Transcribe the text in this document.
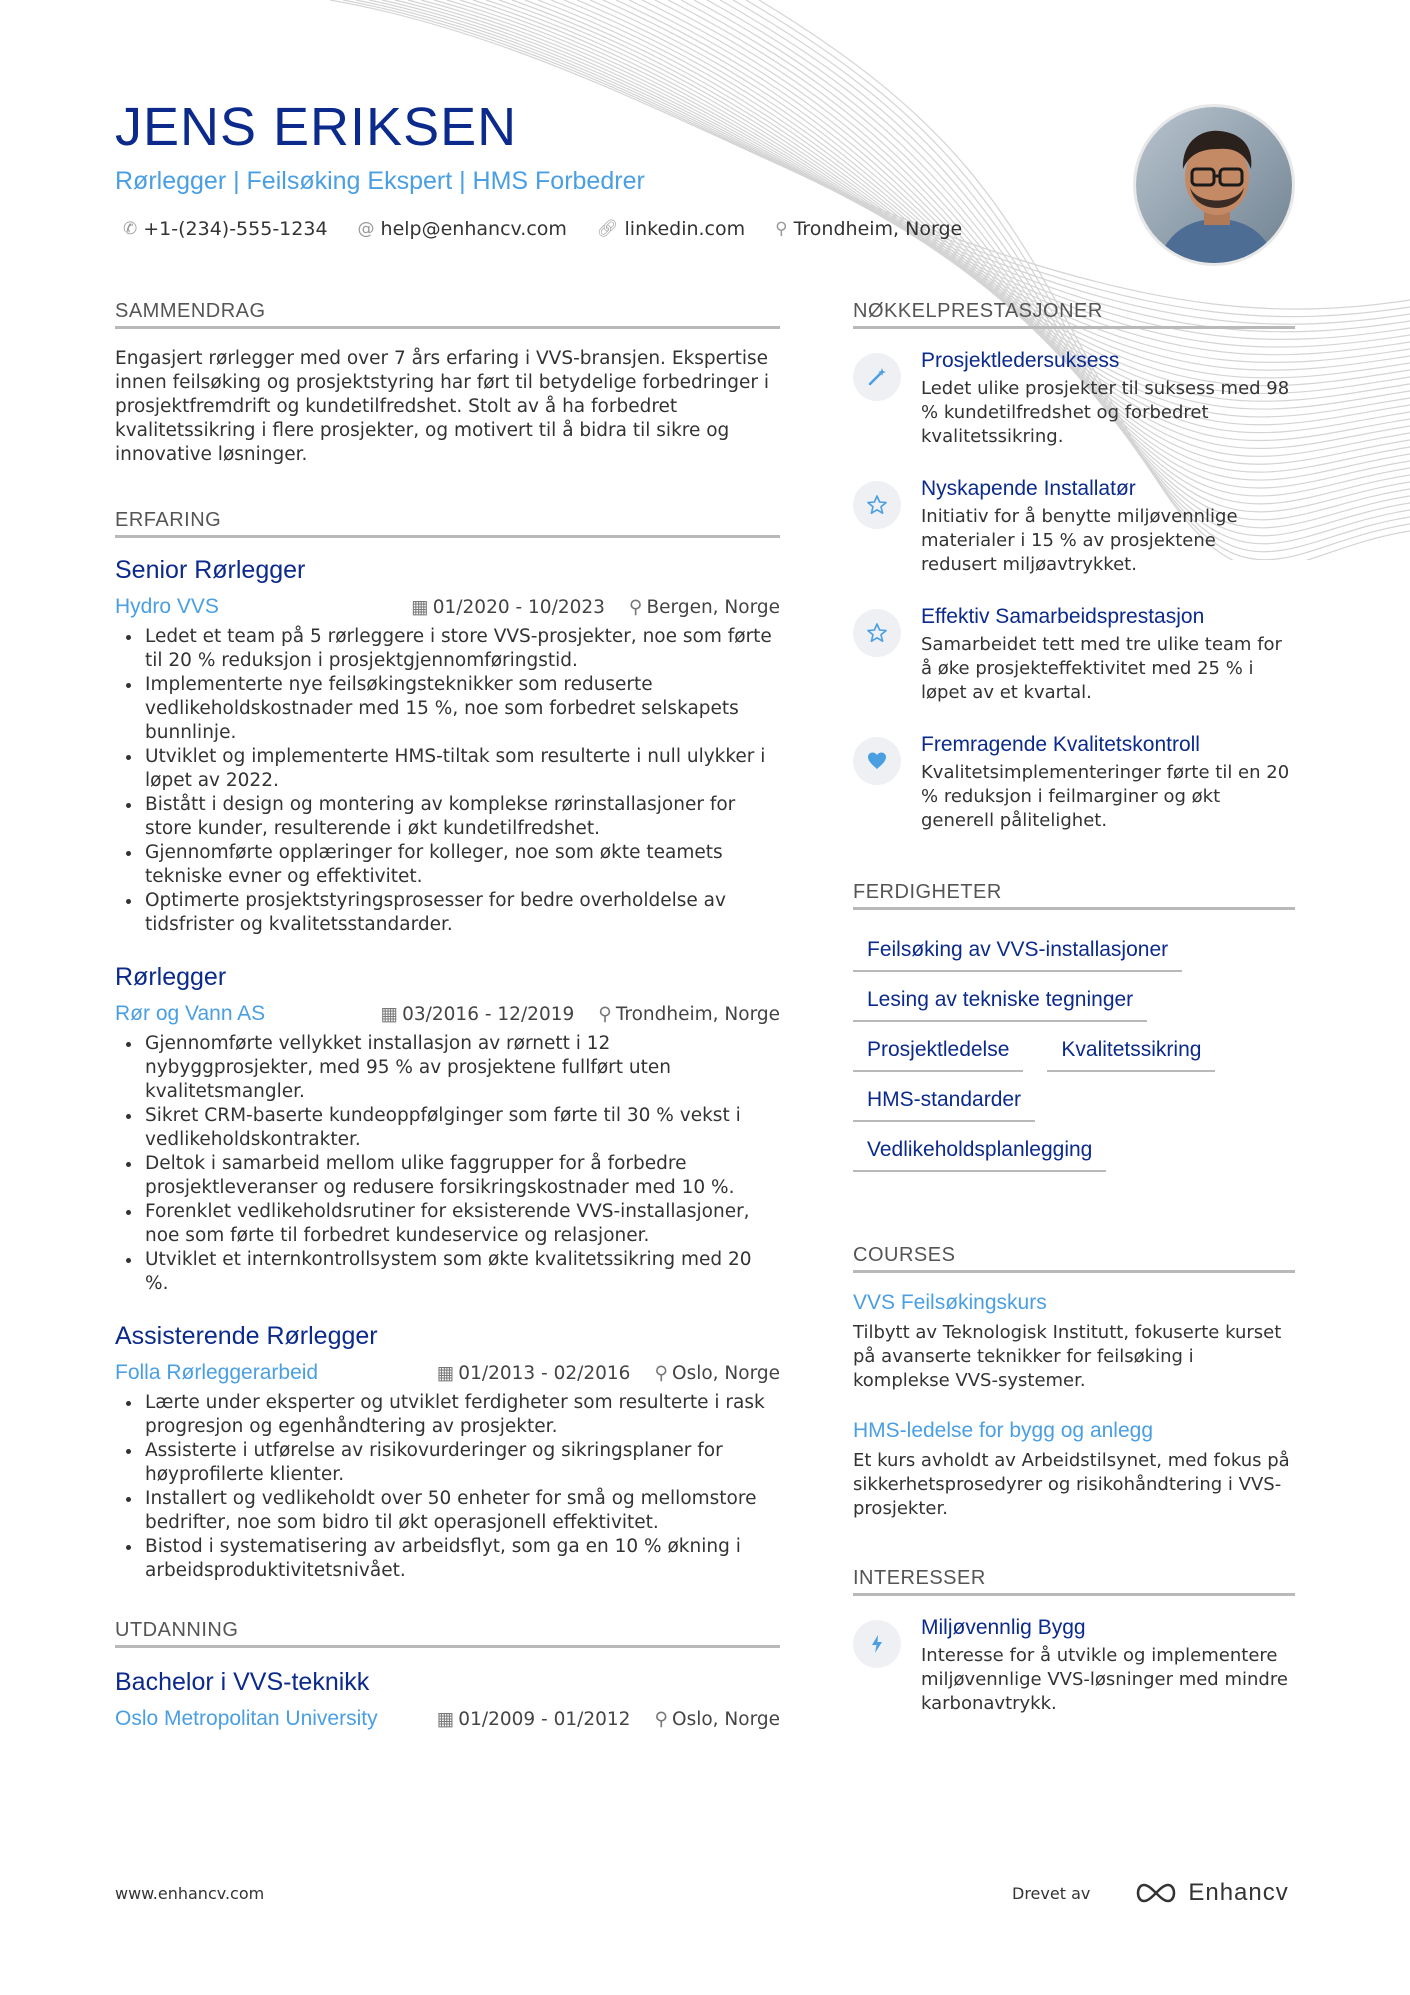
JENS ERIKSEN
Rørlegger | Feilsøking Ekspert | HMS Forbedrer
✆ +1-(234)-555-1234 @ help@enhancv.com 🔗︎ linkedin.com ⚲ Trondheim, Norge
SAMMENDRAG

Engasjert rørlegger med over 7 års erfaring i VVS-bransjen. Ekspertise innen feilsøking og prosjektstyring har ført til betydelige forbedringer i prosjektfremdrift og kundetilfredshet. Stolt av å ha forbedret kvalitetssikring i flere prosjekter, og motivert til å bidra til sikre og innovative løsninger.

ERFARING
Senior Rørlegger
Hydro VVS	▦ 01/2020 - 10/2023 ⚲ Bergen, Norge
• Ledet et team på 5 rørleggere i store VVS-prosjekter, noe som førte til 20 % reduksjon i prosjektgjennomføringstid.
• Implementerte nye feilsøkingsteknikker som reduserte vedlikeholdskostnader med 15 %, noe som forbedret selskapets bunnlinje.
• Utviklet og implementerte HMS-tiltak som resulterte i null ulykker i løpet av 2022.
• Bistått i design og montering av komplekse rørinstallasjoner for store kunder, resulterende i økt kundetilfredshet.
• Gjennomførte opplæringer for kolleger, noe som økte teamets tekniske evner og effektivitet.
• Optimerte prosjektstyringsprosesser for bedre overholdelse av tidsfrister og kvalitetsstandarder.
Rørlegger
Rør og Vann AS	▦ 03/2016 - 12/2019 ⚲ Trondheim, Norge
• Gjennomførte vellykket installasjon av rørnett i 12 nybyggprosjekter, med 95 % av prosjektene fullført uten kvalitetsmangler.
• Sikret CRM-baserte kundeoppfølginger som førte til 30 % vekst i vedlikeholdskontrakter.
• Deltok i samarbeid mellom ulike faggrupper for å forbedre prosjektleveranser og redusere forsikringskostnader med 10 %.
• Forenklet vedlikeholdsrutiner for eksisterende VVS-installasjoner, noe som førte til forbedret kundeservice og relasjoner.
• Utviklet et internkontrollsystem som økte kvalitetssikring med 20 %.
Assisterende Rørlegger
Folla Rørleggerarbeid	▦ 01/2013 - 02/2016 ⚲ Oslo, Norge
• Lærte under eksperter og utviklet ferdigheter som resulterte i rask progresjon og egenhåndtering av prosjekter.
• Assisterte i utførelse av risikovurderinger og sikringsplaner for høyprofilerte klienter.
• Installert og vedlikeholdt over 50 enheter for små og mellomstore bedrifter, noe som bidro til økt operasjonell effektivitet.
• Bistod i systematisering av arbeidsflyt, som ga en 10 % økning i arbeidsproduktivitetsnivået.
UTDANNING
Bachelor i VVS-teknikk
Oslo Metropolitan University	▦ 01/2009 - 01/2012 ⚲ Oslo, Norge
NØKKELPRESTASJONER
Prosjektledersuksess
Ledet ulike prosjekter til suksess med 98 % kundetilfredshet og forbedret kvalitetssikring.
Nyskapende Installatør
Initiativ for å benytte miljøvennlige materialer i 15 % av prosjektene redusert miljøavtrykket.
Effektiv Samarbeidsprestasjon
Samarbeidet tett med tre ulike team for å øke prosjekteffektivitet med 25 % i løpet av et kvartal.
Fremragende Kvalitetskontroll
Kvalitetsimplementeringer førte til en 20 % reduksjon i feilmarginer og økt generell pålitelighet.
FERDIGHETER
Feilsøking av VVS-installasjoner
Lesing av tekniske tegninger
Prosjektledelse	Kvalitetssikring
HMS-standarder
Vedlikeholdsplanlegging
COURSES
VVS Feilsøkingskurs
Tilbytt av Teknologisk Institutt, fokuserte kurset på avanserte teknikker for feilsøking i komplekse VVS-systemer.
HMS-ledelse for bygg og anlegg
Et kurs avholdt av Arbeidstilsynet, med fokus på sikkerhetsprosedyrer og risikohåndtering i VVS-prosjekter.
INTERESSER
Miljøvennlig Bygg
Interesse for å utvikle og implementere miljøvennlige VVS-løsninger med mindre karbonavtrykk.
www.enhancv.com	Drevet av	Enhancv
